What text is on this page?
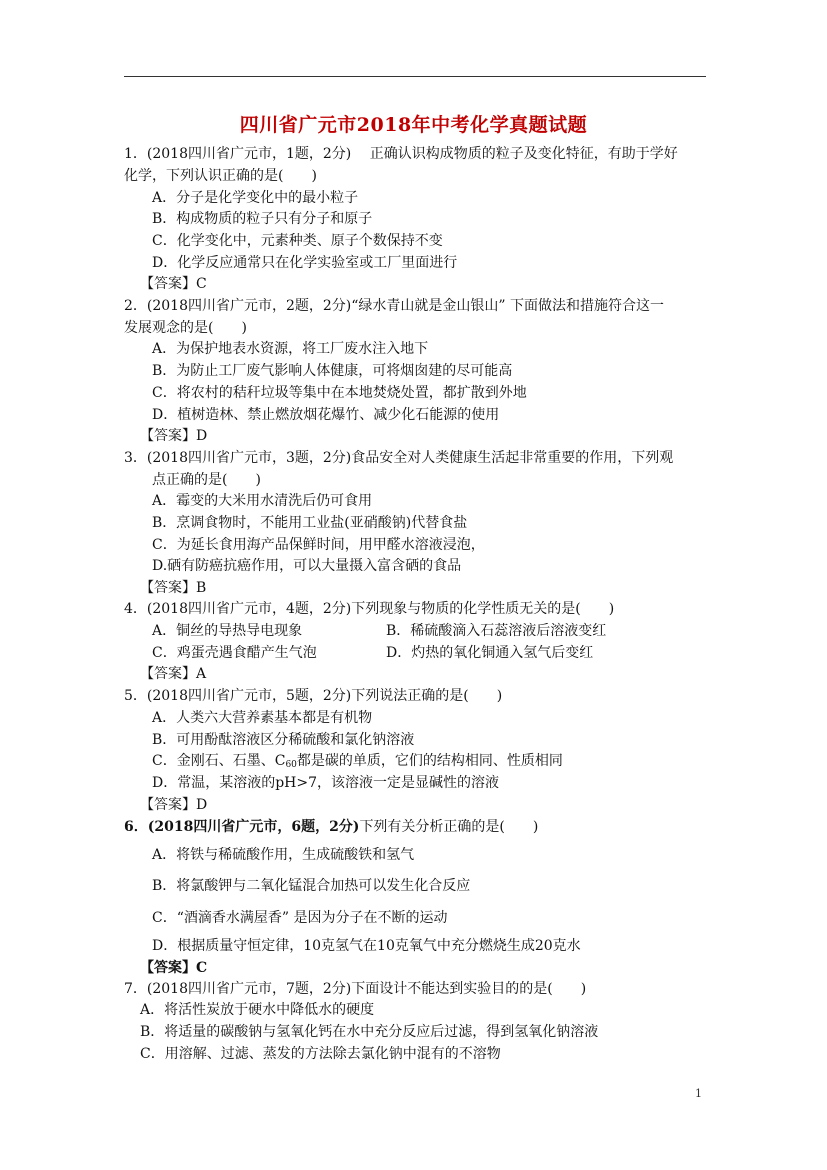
四川省广元市2018年中考化学真题试题
1．(2018四川省广元市，1题，2分)　 正确认识构成物质的粒子及变化特征，有助于学好
化学，下列认识正确的是(　　)
A．分子是化学变化中的最小粒子
B．构成物质的粒子只有分子和原子
C．化学变化中，元素种类、原子个数保持不变
D．化学反应通常只在化学实验室或工厂里面进行
【答案】C
2．(2018四川省广元市，2题，2分)“绿水青山就是金山银山” 下面做法和措施符合这一
发展观念的是(　　)
A．为保护地表水资源，将工厂废水注入地下
B．为防止工厂废气影响人体健康，可将烟囱建的尽可能高
C．将农村的秸秆垃圾等集中在本地焚烧处置，都扩散到外地
D．植树造林、禁止燃放烟花爆竹、减少化石能源的使用
【答案】D
3．(2018四川省广元市，3题，2分)食品安全对人类健康生活起非常重要的作用，下列观
点正确的是(　　)
A．霉变的大米用水清洗后仍可食用
B．烹调食物时，不能用工业盐(亚硝酸钠)代替食盐
C．为延长食用海产品保鲜时间，用甲醛水溶液浸泡，
D.硒有防癌抗癌作用，可以大量摄入富含硒的食品
【答案】B
4．(2018四川省广元市，4题，2分)下列现象与物质的化学性质无关的是(　　)
A．铜丝的导热导电现象	B．稀硫酸滴入石蕊溶液后溶液变红
C．鸡蛋壳遇食醋产生气泡	D．灼热的氧化铜通入氢气后变红
【答案】A
5．(2018四川省广元市，5题，2分)下列说法正确的是(　　)
A．人类六大营养素基本都是有机物
B．可用酚酞溶液区分稀硫酸和氯化钠溶液
C．金刚石、石墨、$C_{60}$都是碳的单质，它们的结构相同、性质相同
D．常温，某溶液的pH>7，该溶液一定是显碱性的溶液
【答案】D
6．(2018四川省广元市，6题，2分)下列有关分析正确的是(　　)
A．将铁与稀硫酸作用，生成硫酸铁和氢气
B．将氯酸钾与二氧化锰混合加热可以发生化合反应
C．“酒滴香水满屋香” 是因为分子在不断的运动
D．根据质量守恒定律，10克氢气在10克氧气中充分燃烧生成20克水
【答案】C
7．(2018四川省广元市，7题，2分)下面设计不能达到实验目的的是(　　)
A．将活性炭放于硬水中降低水的硬度
B．将适量的碳酸钠与氢氧化钙在水中充分反应后过滤，得到氢氧化钠溶液
C．用溶解、过滤、蒸发的方法除去氯化钠中混有的不溶物
1
